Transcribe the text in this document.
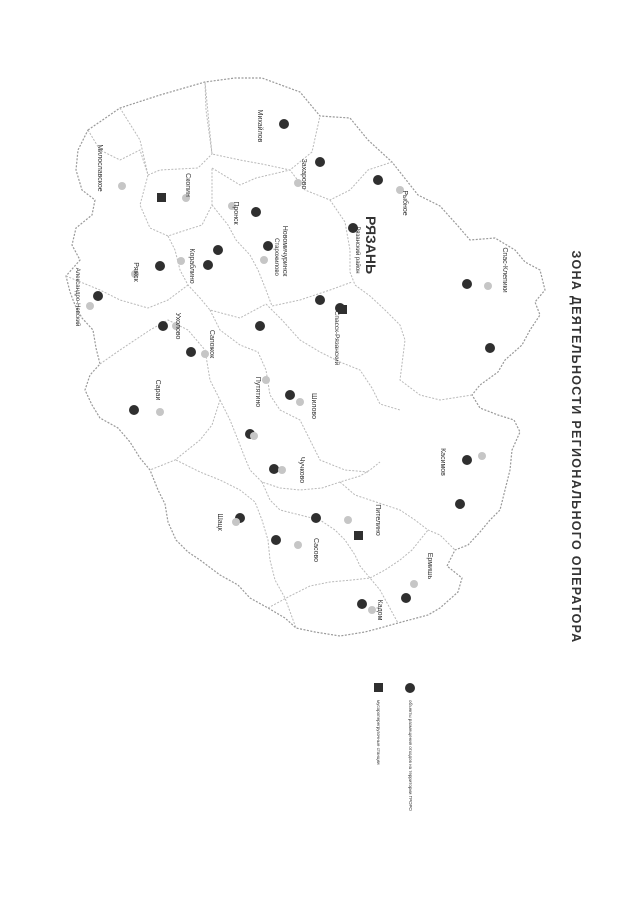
Михайлов
Милославское	Скопин	Захаровo
Рыбное
Пронск
Новомичуринск
Кораблино
Ряжск
Александро-Невский	Ухолово
Сараи
Сапожок
Путятино	Шилово
Старожилово
Спасск-Рязанский
Рязанский район	Спас-Клепики
Чучково	Касимов
Шацк
Сасово
Пителино
Ермишь
Кадом
РЯЗАНЬ
ЗОНА ДЕЯТЕЛЬНОСТИ РЕГИОНАЛЬНОГО ОПЕРАТОРА
объекты размещения отходов на территории ГРОРО
мусороперегрузочные станции
